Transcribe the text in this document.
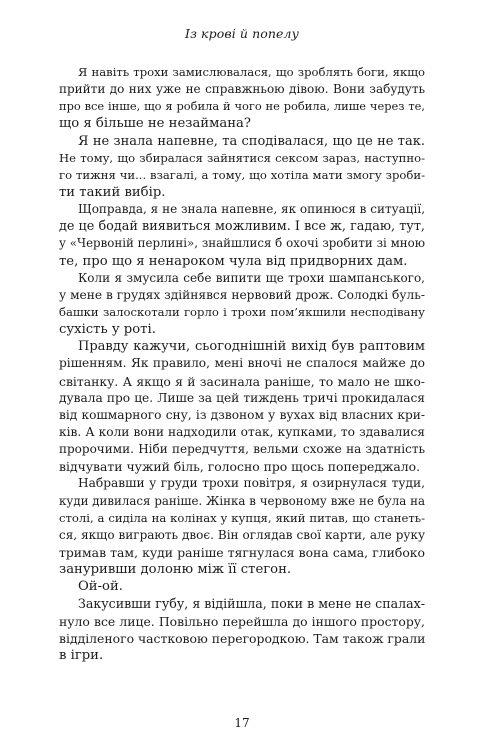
Із крові й попелу
Я навіть трохи замислювалася, що зроблять боги, якщо
прийти до них уже не справжньою дівою. Вони забудуть
про все інше, що я робила й чого не робила, лише через те,
що я більше не незаймана?
Я не знала напевне, та сподівалася, що це не так.
Не тому, що збиралася зайнятися сексом зараз, наступно-
го тижня чи... взагалі, а тому, що хотіла мати змогу зроби-
ти такий вибір.
Щоправда, я не знала напевне, як опинюся в ситуації,
де це бодай виявиться можливим. І все ж, гадаю, тут,
у «Червоній перлині», знайшлися б охочі зробити зі мною
те, про що я ненароком чула від придворних дам.
Коли я змусила себе випити ще трохи шампанського,
у мене в грудях здійнявся нервовий дрож. Солодкі буль-
башки залоскотали горло і трохи пом’якшили несподівану
сухість у роті.
Правду кажучи, сьогоднішній вихід був раптовим
рішенням. Як правило, мені вночі не спалося майже до
світанку. А якщо я й засинала раніше, то мало не шко-
дувала про це. Лише за цей тиждень тричі прокидалася
від кошмарного сну, із дзвоном у вухах від власних кри-
ків. А коли вони надходили отак, купками, то здавалися
пророчими. Ніби передчуття, вельми схоже на здатність
відчувати чужий біль, голосно про щось попереджало.
Набравши у груди трохи повітря, я озирнулася туди,
куди дивилася раніше. Жінка в червоному вже не була на
столі, а сиділа на колінах у купця, який питав, що станеть-
ся, якщо виграють двоє. Він оглядав свої карти, але руку
тримав там, куди раніше тягнулася вона сама, глибоко
зануривши долоню між її стегон.
Ой-ой.
Закусивши губу, я відійшла, поки в мене не спалах-
нуло все лице. Повільно перейшла до іншого простору,
відділеного частковою перегородкою. Там також грали
в ігри.
17
